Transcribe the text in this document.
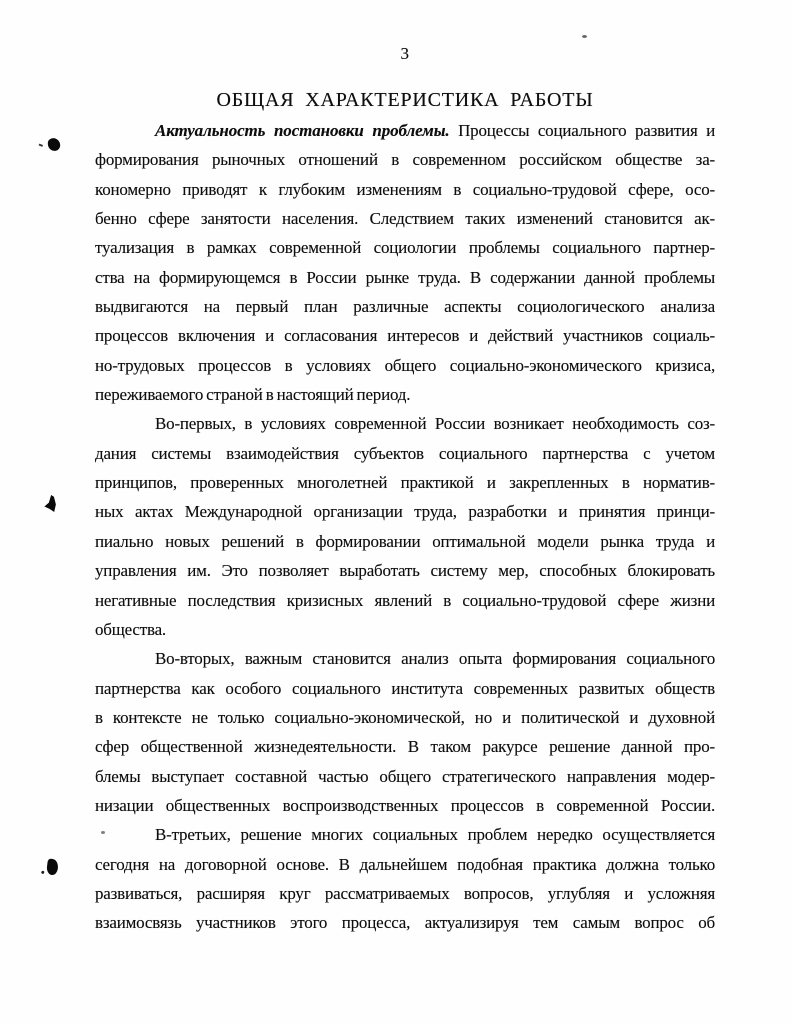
3
ОБЩАЯ ХАРАКТЕРИСТИКА РАБОТЫ
Актуальность постановки проблемы. Процессы социального развития и
формирования рыночных отношений в современном российском обществе за-
кономерно приводят к глубоким изменениям в социально-трудовой сфере, осо-
бенно сфере занятости населения. Следствием таких изменений становится ак-
туализация в рамках современной социологии проблемы социального партнер-
ства на формирующемся в России рынке труда. В содержании данной проблемы
выдвигаются на первый план различные аспекты социологического анализа
процессов включения и согласования интересов и действий участников социаль-
но-трудовых процессов в условиях общего социально-экономического кризиса,
переживаемого страной в настоящий период.
Во-первых, в условиях современной России возникает необходимость соз-
дания системы взаимодействия субъектов социального партнерства с учетом
принципов, проверенных многолетней практикой и закрепленных в норматив-
ных актах Международной организации труда, разработки и принятия принци-
пиально новых решений в формировании оптимальной модели рынка труда и
управления им. Это позволяет выработать систему мер, способных блокировать
негативные последствия кризисных явлений в социально-трудовой сфере жизни
общества.
Во-вторых, важным становится анализ опыта формирования социального
партнерства как особого социального института современных развитых обществ
в контексте не только социально-экономической, но и политической и духовной
сфер общественной жизнедеятельности. В таком ракурсе решение данной про-
блемы выступает составной частью общего стратегического направления модер-
низации общественных воспроизводственных процессов в современной России.
В-третьих, решение многих социальных проблем нередко осуществляется
сегодня на договорной основе. В дальнейшем подобная практика должна только
развиваться, расширяя круг рассматриваемых вопросов, углубляя и усложняя
взаимосвязь участников этого процесса, актуализируя тем самым вопрос об
